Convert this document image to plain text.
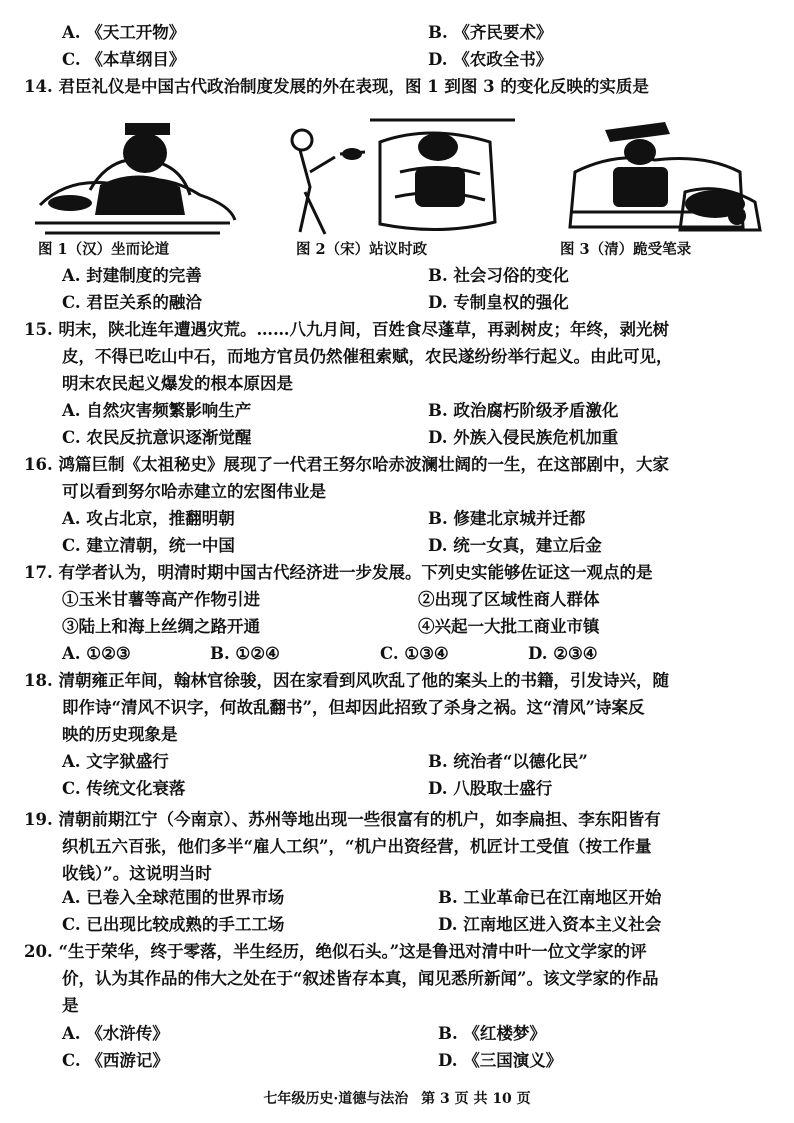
A. 《天工开物》	B. 《齐民要术》
C. 《本草纲目》	D. 《农政全书》
14. 君臣礼仪是中国古代政治制度发展的外在表现，图 1 到图 3 的变化反映的实质是
图 1（汉）坐而论道	图 2（宋）站议时政	图 3（清）跪受笔录
A. 封建制度的完善	B. 社会习俗的变化
C. 君臣关系的融洽	D. 专制皇权的强化
15. 明末，陕北连年遭遇灾荒。……八九月间，百姓食尽蓬草，再剥树皮；年终，剥光树
皮，不得已吃山中石，而地方官员仍然催租索赋，农民遂纷纷举行起义。由此可见，
明末农民起义爆发的根本原因是
A. 自然灾害频繁影响生产	B. 政治腐朽阶级矛盾激化
C. 农民反抗意识逐渐觉醒	D. 外族入侵民族危机加重
16. 鸿篇巨制《太祖秘史》展现了一代君王努尔哈赤波澜壮阔的一生，在这部剧中，大家
可以看到努尔哈赤建立的宏图伟业是
A. 攻占北京，推翻明朝	B. 修建北京城并迁都
C. 建立清朝，统一中国	D. 统一女真，建立后金
17. 有学者认为，明清时期中国古代经济进一步发展。下列史实能够佐证这一观点的是
①玉米甘薯等高产作物引进	②出现了区域性商人群体
③陆上和海上丝绸之路开通	④兴起一大批工商业市镇
A. ①②③	B. ①②④	C. ①③④	D. ②③④
18. 清朝雍正年间，翰林官徐骏，因在家看到风吹乱了他的案头上的书籍，引发诗兴，随
即作诗“清风不识字，何故乱翻书”，但却因此招致了杀身之祸。这“清风”诗案反
映的历史现象是
A. 文字狱盛行	B. 统治者“以德化民”
C. 传统文化衰落	D. 八股取士盛行
19. 清朝前期江宁（今南京）、苏州等地出现一些很富有的机户，如李扁担、李东阳皆有
织机五六百张，他们多半“雇人工织”，“机户出资经营，机匠计工受值（按工作量
收钱）”。这说明当时
A. 已卷入全球范围的世界市场	B. 工业革命已在江南地区开始
C. 已出现比较成熟的手工工场	D. 江南地区进入资本主义社会
20. “生于荣华，终于零落，半生经历，绝似石头。”这是鲁迅对清中叶一位文学家的评
价，认为其作品的伟大之处在于“叙述皆存本真，闻见悉所新闻”。该文学家的作品
是
A. 《水浒传》	B. 《红楼梦》
C. 《西游记》	D. 《三国演义》
七年级历史·道德与法治 第 3 页 共 10 页
